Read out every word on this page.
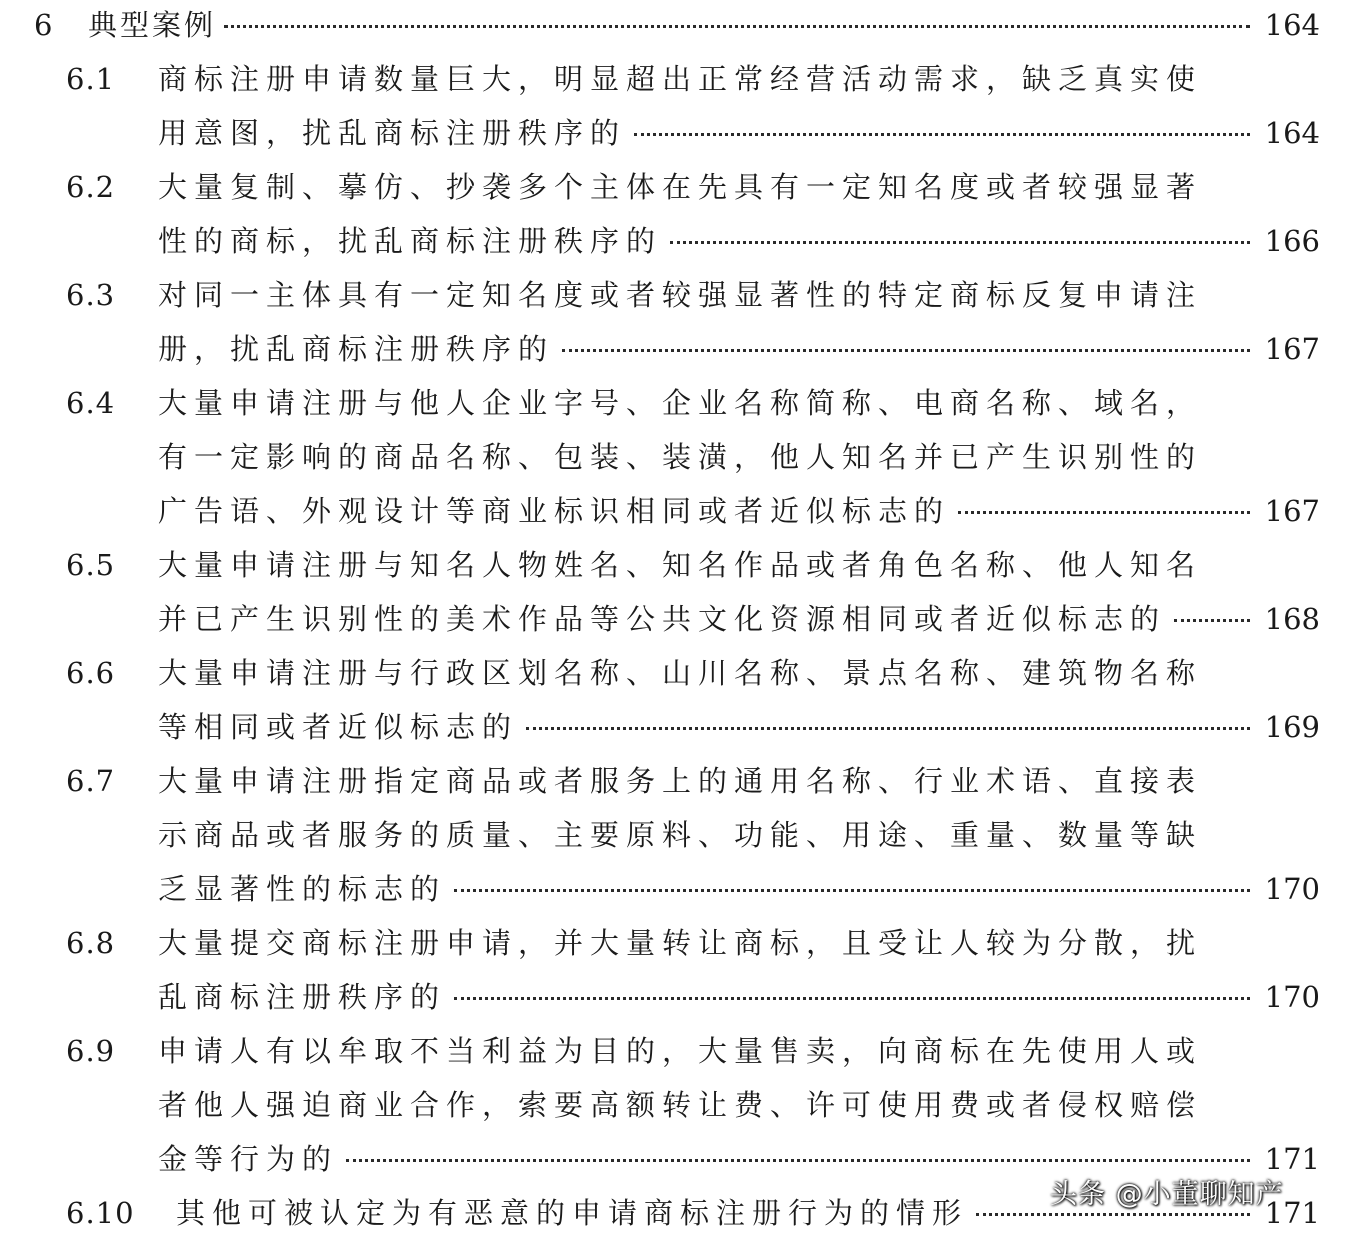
6 典型案例	164
6.1 商标注册申请数量巨大，明显超出正常经营活动需求，缺乏真实使
用意图，扰乱商标注册秩序的	164
6.2 大量复制、摹仿、抄袭多个主体在先具有一定知名度或者较强显著
性的商标，扰乱商标注册秩序的	166
6.3 对同一主体具有一定知名度或者较强显著性的特定商标反复申请注
册，扰乱商标注册秩序的	167
6.4 大量申请注册与他人企业字号、企业名称简称、电商名称、域名，
有一定影响的商品名称、包装、装潢，他人知名并已产生识别性的
广告语、外观设计等商业标识相同或者近似标志的	167
6.5 大量申请注册与知名人物姓名、知名作品或者角色名称、他人知名
并已产生识别性的美术作品等公共文化资源相同或者近似标志的	168
6.6 大量申请注册与行政区划名称、山川名称、景点名称、建筑物名称
等相同或者近似标志的	169
6.7 大量申请注册指定商品或者服务上的通用名称、行业术语、直接表
示商品或者服务的质量、主要原料、功能、用途、重量、数量等缺
乏显著性的标志的	170
6.8 大量提交商标注册申请，并大量转让商标，且受让人较为分散，扰
乱商标注册秩序的	170
6.9 申请人有以牟取不当利益为目的，大量售卖，向商标在先使用人或
者他人强迫商业合作，索要高额转让费、许可使用费或者侵权赔偿
金等行为的	171
6.10 其他可被认定为有恶意的申请商标注册行为的情形	171
头条 @小董聊知产
